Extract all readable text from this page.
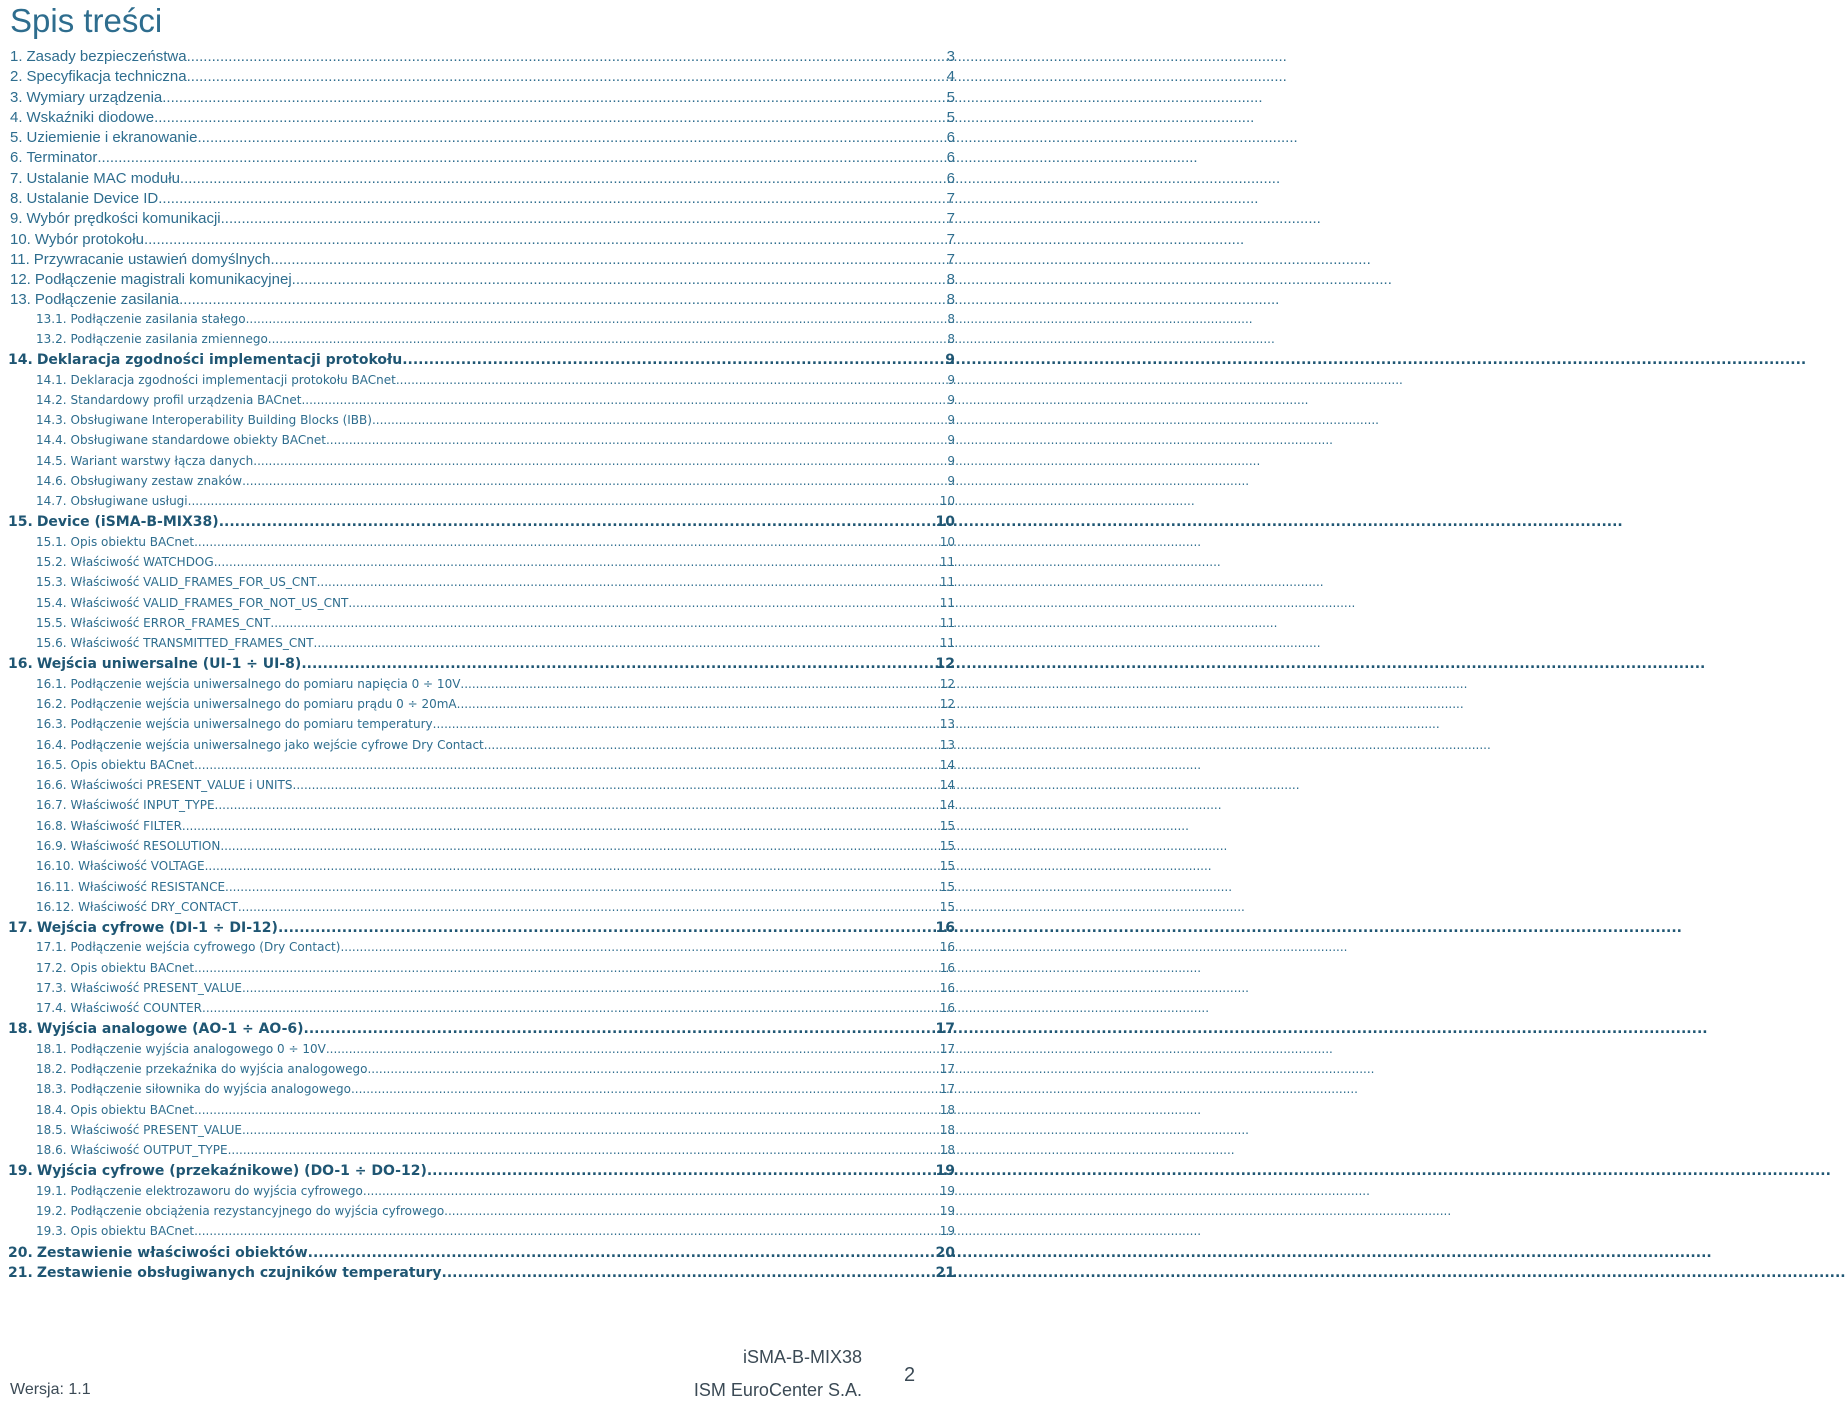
Spis treści
1. Zasady bezpieczeństwa .....	3
2. Specyfikacja techniczna .....	4
3. Wymiary urządzenia .....	5
4. Wskaźniki diodowe .....	5
5. Uziemienie i ekranowanie .....	6
6. Terminator .....	6
7. Ustalanie MAC modułu .....	6
8. Ustalanie Device ID .....	7
9. Wybór prędkości komunikacji .....	7
10. Wybór protokołu .....	7
11. Przywracanie ustawień domyślnych .....	7
12. Podłączenie magistrali komunikacyjnej .....	8
13. Podłączenie zasilania .....	8
13.1. Podłączenie zasilania stałego .....	8
13.2. Podłączenie zasilania zmiennego .....	8
14. Deklaracja zgodności implementacji protokołu .....	9
14.1. Deklaracja zgodności implementacji protokołu BACnet .....	9
14.2. Standardowy profil urządzenia BACnet .....	9
14.3. Obsługiwane Interoperability Building Blocks (IBB) .....	9
14.4. Obsługiwane standardowe obiekty BACnet .....	9
14.5. Wariant warstwy łącza danych .....	9
14.6. Obsługiwany zestaw znaków .....	9
14.7. Obsługiwane usługi .....	10
15. Device (iSMA-B-MIX38) .....	10
15.1. Opis obiektu BACnet .....	10
15.2. Właściwość WATCHDOG .....	11
15.3. Właściwość VALID_FRAMES_FOR_US_CNT .....	11
15.4. Właściwość VALID_FRAMES_FOR_NOT_US_CNT .....	11
15.5. Właściwość ERROR_FRAMES_CNT .....	11
15.6. Właściwość TRANSMITTED_FRAMES_CNT .....	11
16. Wejścia uniwersalne (UI-1 ÷ UI-8) .....	12
16.1. Podłączenie wejścia uniwersalnego do pomiaru napięcia 0 ÷ 10V .....	12
16.2. Podłączenie wejścia uniwersalnego do pomiaru prądu 0 ÷ 20mA .....	12
16.3. Podłączenie wejścia uniwersalnego do pomiaru temperatury .....	13
16.4. Podłączenie wejścia uniwersalnego jako wejście cyfrowe Dry Contact .....	13
16.5. Opis obiektu BACnet .....	14
16.6. Właściwości PRESENT_VALUE i UNITS .....	14
16.7. Właściwość INPUT_TYPE .....	14
16.8. Właściwość FILTER .....	15
16.9. Właściwość RESOLUTION .....	15
16.10. Właściwość VOLTAGE .....	15
16.11. Właściwość RESISTANCE .....	15
16.12. Właściwość DRY_CONTACT .....	15
17. Wejścia cyfrowe (DI-1 ÷ DI-12) .....	16
17.1. Podłączenie wejścia cyfrowego (Dry Contact) .....	16
17.2. Opis obiektu BACnet .....	16
17.3. Właściwość PRESENT_VALUE .....	16
17.4. Właściwość COUNTER .....	16
18. Wyjścia analogowe (AO-1 ÷ AO-6) .....	17
18.1. Podłączenie wyjścia analogowego 0 ÷ 10V .....	17
18.2. Podłączenie przekaźnika do wyjścia analogowego .....	17
18.3. Podłączenie siłownika do wyjścia analogowego .....	17
18.4. Opis obiektu BACnet .....	18
18.5. Właściwość PRESENT_VALUE .....	18
18.6. Właściwość OUTPUT_TYPE .....	18
19. Wyjścia cyfrowe (przekaźnikowe) (DO-1 ÷ DO-12) .....	19
19.1. Podłączenie elektrozaworu do wyjścia cyfrowego .....	19
19.2. Podłączenie obciążenia rezystancyjnego do wyjścia cyfrowego .....	19
19.3. Opis obiektu BACnet .....	19
20. Zestawienie właściwości obiektów .....	20
21. Zestawienie obsługiwanych czujników temperatury .....	21
Wersja: 1.1
iSMA-B-MIX38
ISM EuroCenter S.A.
2
